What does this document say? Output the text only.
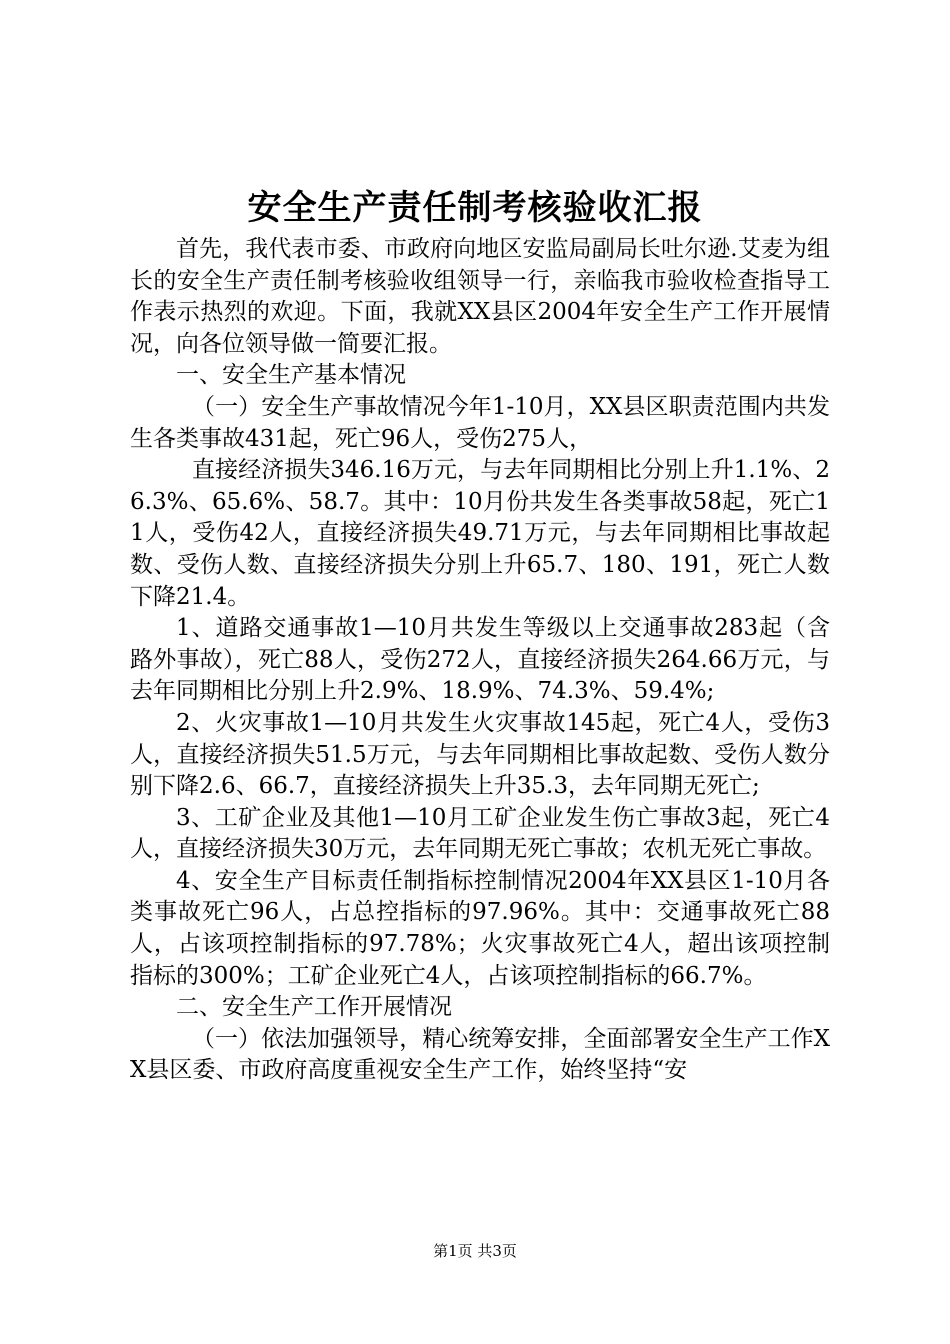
安全生产责任制考核验收汇报

首先，我代表市委、市政府向地区安监局副局长吐尔逊.艾麦为组长的安全生产责任制考核验收组领导一行，亲临我市验收检查指导工作表示热烈的欢迎。下面，我就XX县区2004年安全生产工作开展情况，向各位领导做一简要汇报。

一、安全生产基本情况

（一）安全生产事故情况今年1-10月，XX县区职责范围内共发生各类事故431起，死亡96人，受伤275人，

直接经济损失346.16万元，与去年同期相比分别上升1.1%、26.3%、65.6%、58.7。其中：10月份共发生各类事故58起，死亡11人，受伤42人，直接经济损失49.71万元，与去年同期相比事故起数、受伤人数、直接经济损失分别上升65.7、180、191，死亡人数下降21.4。

1、道路交通事故1—10月共发生等级以上交通事故283起（含路外事故），死亡88人，受伤272人，直接经济损失264.66万元，与去年同期相比分别上升2.9%、18.9%、74.3%、59.4%;

2、火灾事故1—10月共发生火灾事故145起，死亡4人，受伤3人，直接经济损失51.5万元，与去年同期相比事故起数、受伤人数分别下降2.6、66.7，直接经济损失上升35.3，去年同期无死亡;

3、工矿企业及其他1—10月工矿企业发生伤亡事故3起，死亡4人，直接经济损失30万元，去年同期无死亡事故；农机无死亡事故。

4、安全生产目标责任制指标控制情况2004年XX县区1-10月各类事故死亡96人，占总控指标的97.96%。其中：交通事故死亡88人，占该项控制指标的97.78%；火灾事故死亡4人，超出该项控制指标的300%；工矿企业死亡4人，占该项控制指标的66.7%。

二、安全生产工作开展情况

（一）依法加强领导，精心统筹安排，全面部署安全生产工作XX县区委、市政府高度重视安全生产工作，始终坚持“安

第1页 共3页
